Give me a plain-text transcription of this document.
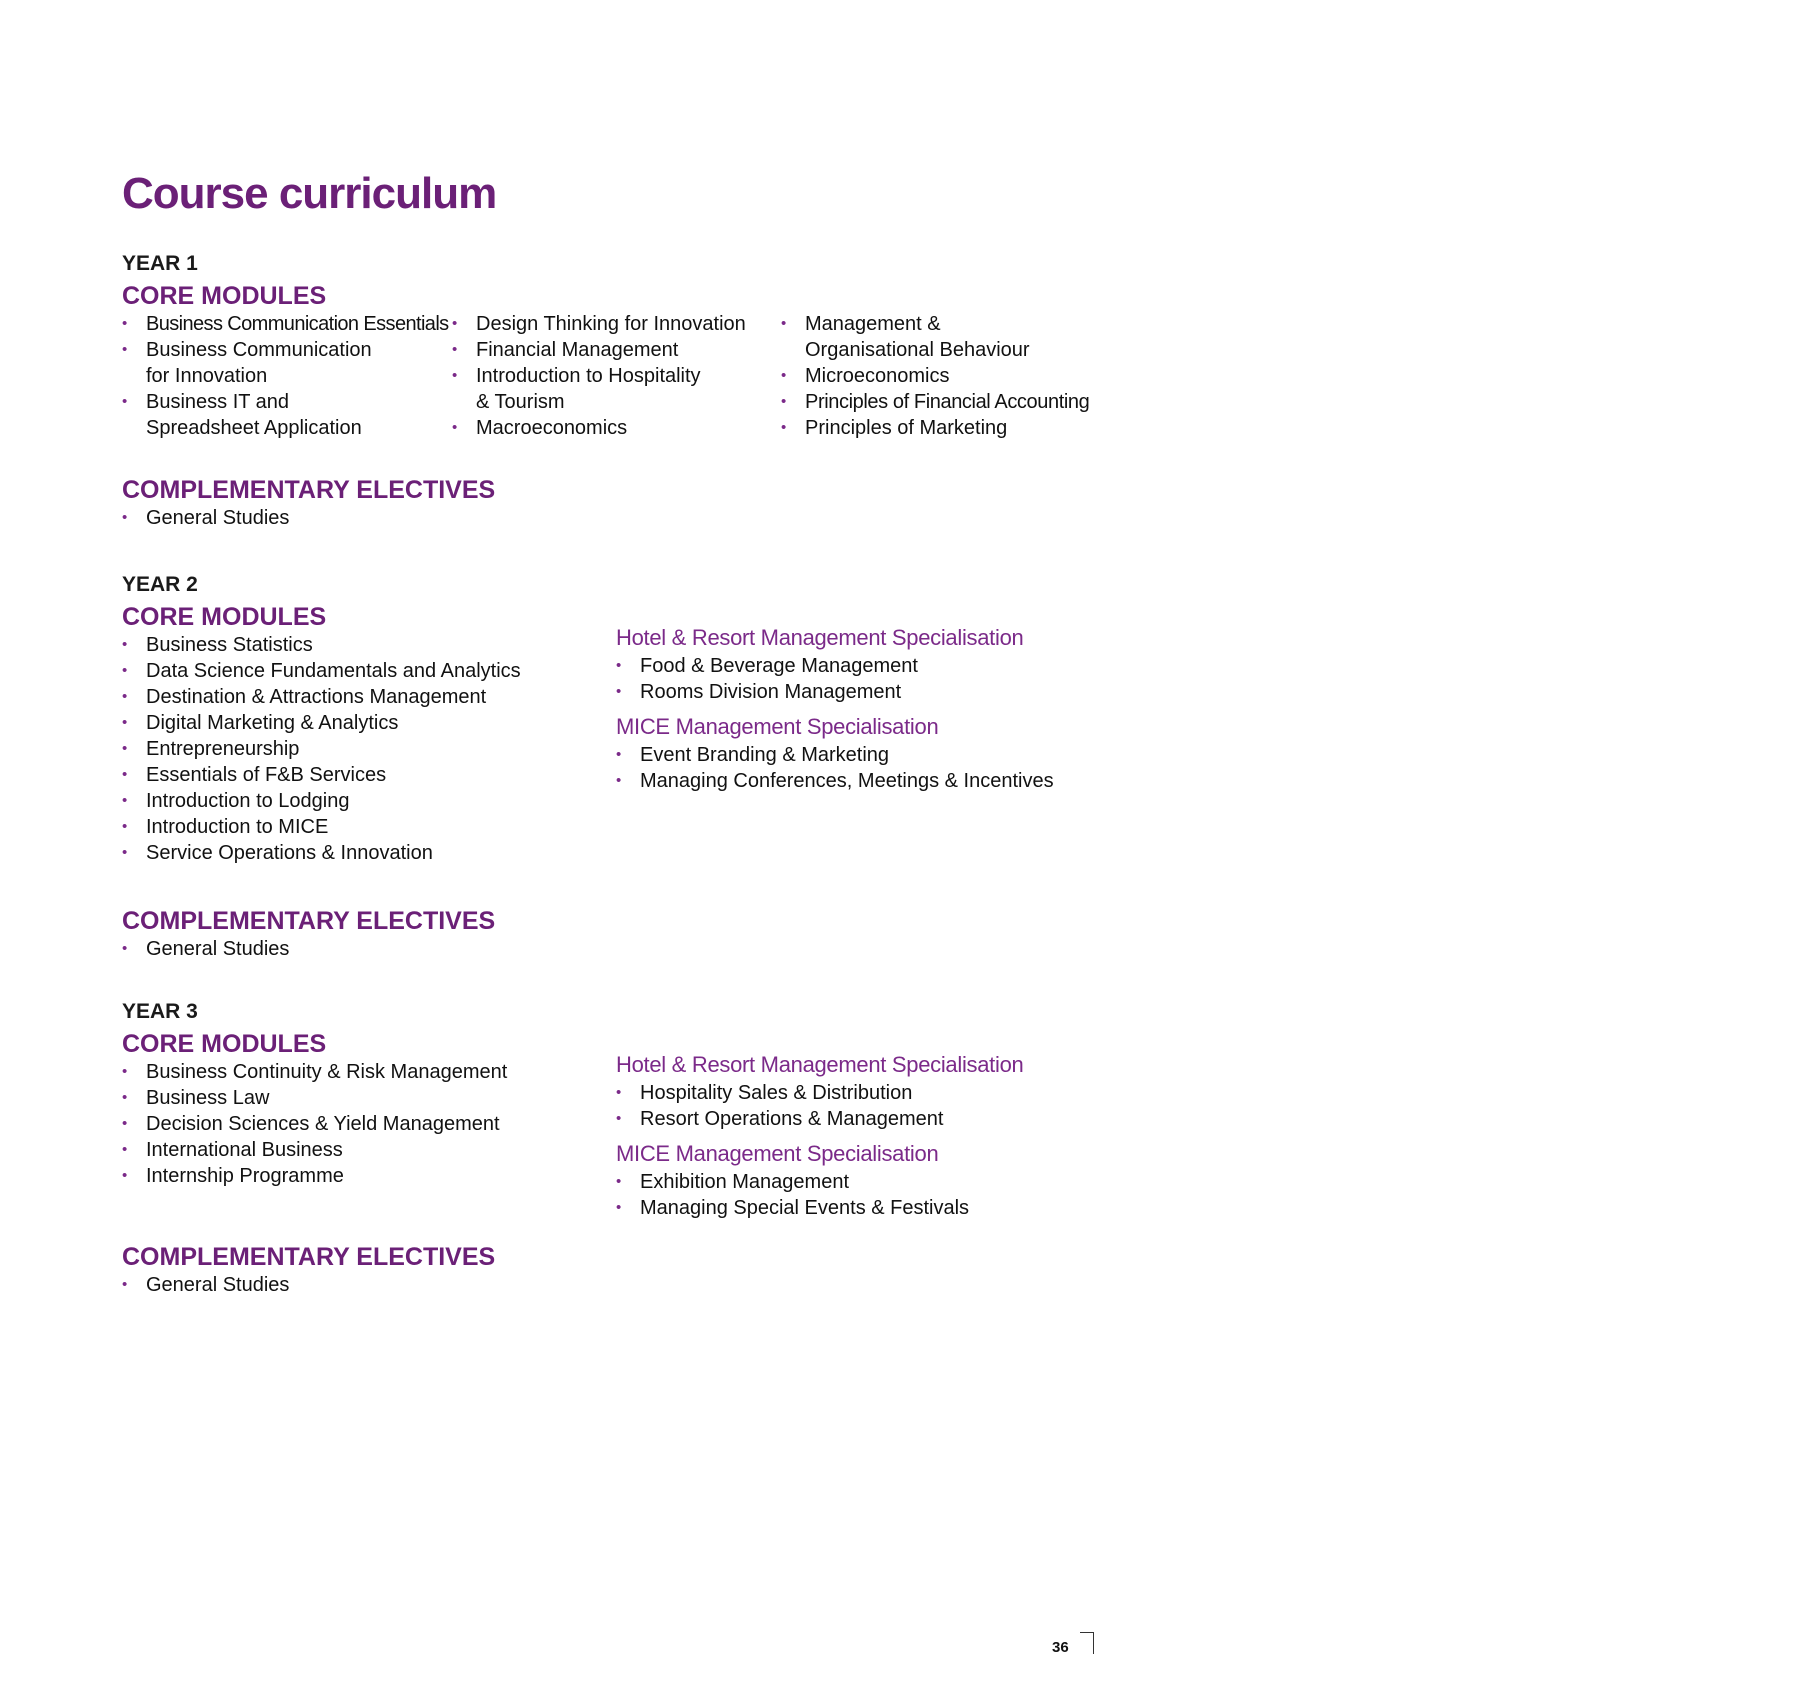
Course curriculum
YEAR 1
CORE MODULES
• Business Communication Essentials
• Business Communication
for Innovation
• Business IT and
Spreadsheet Application
• Design Thinking for Innovation
• Financial Management
• Introduction to Hospitality
& Tourism
• Macroeconomics
• Management &
Organisational Behaviour
• Microeconomics
• Principles of Financial Accounting
• Principles of Marketing
COMPLEMENTARY ELECTIVES
• General Studies
YEAR 2
CORE MODULES
• Business Statistics
• Data Science Fundamentals and Analytics
• Destination & Attractions Management
• Digital Marketing & Analytics
• Entrepreneurship
• Essentials of F&B Services
• Introduction to Lodging
• Introduction to MICE
• Service Operations & Innovation
Hotel & Resort Management Specialisation
• Food & Beverage Management
• Rooms Division Management
MICE Management Specialisation
• Event Branding & Marketing
• Managing Conferences, Meetings & Incentives
COMPLEMENTARY ELECTIVES
• General Studies
YEAR 3
CORE MODULES
• Business Continuity & Risk Management
• Business Law
• Decision Sciences & Yield Management
• International Business
• Internship Programme
Hotel & Resort Management Specialisation
• Hospitality Sales & Distribution
• Resort Operations & Management
MICE Management Specialisation
• Exhibition Management
• Managing Special Events & Festivals
COMPLEMENTARY ELECTIVES
• General Studies
36
